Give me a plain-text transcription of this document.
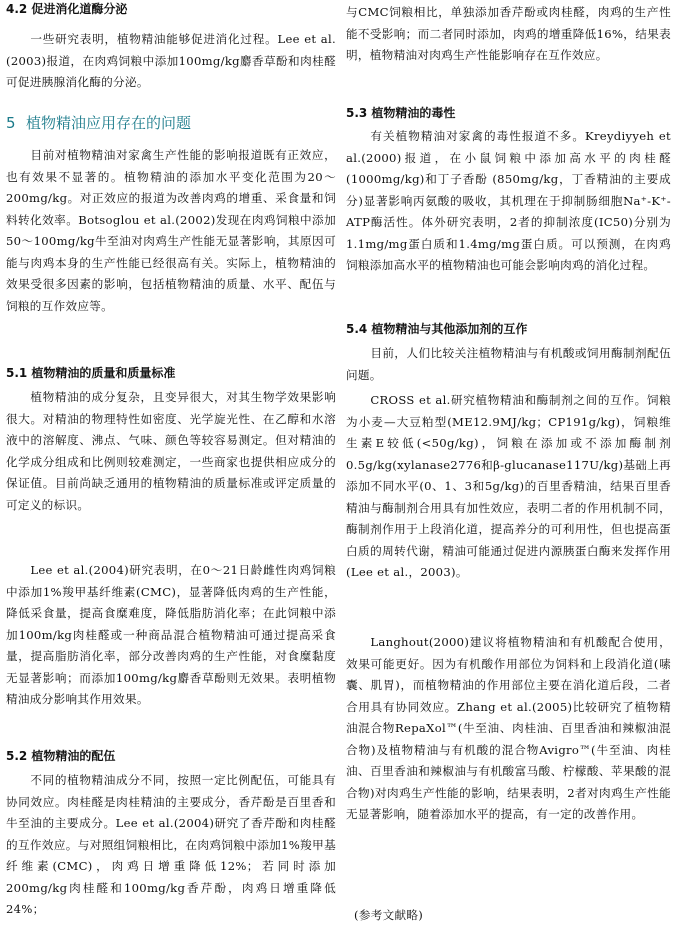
4.2 促进消化道酶分泌

一些研究表明，植物精油能够促进消化过程。Lee et al.(2003)报道，在肉鸡饲粮中添加100mg/kg麝香草酚和肉桂醛可促进胰腺消化酶的分泌。

5 植物精油应用存在的问题

目前对植物精油对家禽生产性能的影响报道既有正效应，也有效果不显著的。植物精油的添加水平变化范围为20～200mg/kg。对正效应的报道为改善肉鸡的增重、采食量和饲料转化效率。Botsoglou et al.(2002)发现在肉鸡饲粮中添加50～100mg/kg牛至油对肉鸡生产性能无显著影响，其原因可能与肉鸡本身的生产性能已经很高有关。实际上，植物精油的效果受很多因素的影响，包括植物精油的质量、水平、配伍与饲粮的互作效应等。

5.1 植物精油的质量和质量标准

植物精油的成分复杂，且变异很大，对其生物学效果影响很大。对精油的物理特性如密度、光学旋光性、在乙醇和水溶液中的溶解度、沸点、气味、颜色等较容易测定。但对精油的化学成分组成和比例则较难测定，一些商家也提供相应成分的保证值。目前尚缺乏通用的植物精油的质量标准或评定质量的可定义的标识。

Lee et al.(2004)研究表明，在0～21日龄雌性肉鸡饲粮中添加1%羧甲基纤维素(CMC)，显著降低肉鸡的生产性能，降低采食量，提高食糜难度，降低脂肪消化率；在此饲粮中添加100m/kg肉桂醛或一种商品混合植物精油可通过提高采食量，提高脂肪消化率，部分改善肉鸡的生产性能，对食糜黏度无显著影响；而添加100mg/kg麝香草酚则无效果。表明植物精油成分影响其作用效果。

5.2 植物精油的配伍

不同的植物精油成分不同，按照一定比例配伍，可能具有协同效应。肉桂醛是肉桂精油的主要成分，香芹酚是百里香和牛至油的主要成分。Lee et al.(2004)研究了香芹酚和肉桂醛的互作效应。与对照组饲粮相比，在肉鸡饲粮中添加1%羧甲基纤维素(CMC)，肉鸡日增重降低12%；若同时添加200mg/kg肉桂醛和100mg/kg香芹酚，肉鸡日增重降低24%；

与CMC饲粮相比，单独添加香芹酚或肉桂醛，肉鸡的生产性能不受影响；而二者同时添加，肉鸡的增重降低16%，结果表明，植物精油对肉鸡生产性能影响存在互作效应。

5.3 植物精油的毒性

有关植物精油对家禽的毒性报道不多。Kreydiyyeh et al.(2000)报道，在小鼠饲粮中添加高水平的肉桂醛(1000mg/kg)和丁子香酚 (850mg/kg，丁香精油的主要成分)显著影响丙氨酸的吸收，其机理在于抑制肠细胞Na⁺-K⁺-ATP酶活性。体外研究表明，2者的抑制浓度(IC50)分别为1.1mg/mg蛋白质和1.4mg/mg蛋白质。可以预测，在肉鸡饲粮添加高水平的植物精油也可能会影响肉鸡的消化过程。

5.4 植物精油与其他添加剂的互作

目前，人们比较关注植物精油与有机酸或饲用酶制剂配伍问题。

CROSS et al.研究植物精油和酶制剂之间的互作。饲粮为小麦—大豆粕型(ME12.9MJ/kg；CP191g/kg)，饲粮维生素E较低(<50g/kg)，饲粮在添加或不添加酶制剂0.5g/kg(xylanase2776和β-glucanase117U/kg)基础上再添加不同水平(0、1、3和5g/kg)的百里香精油，结果百里香精油与酶制剂合用具有加性效应，表明二者的作用机制不同，酶制剂作用于上段消化道，提高养分的可利用性，但也提高蛋白质的周转代谢，精油可能通过促进内源胰蛋白酶来发挥作用 (Lee et al.，2003)。

Langhout(2000)建议将植物精油和有机酸配合使用，效果可能更好。因为有机酸作用部位为饲料和上段消化道(嗉囊、肌胃)，而植物精油的作用部位主要在消化道后段，二者合用具有协同效应。Zhang et al.(2005)比较研究了植物精油混合物RepaXol™(牛至油、肉桂油、百里香油和辣椒油混合物)及植物精油与有机酸的混合物Avigro™(牛至油、肉桂油、百里香油和辣椒油与有机酸富马酸、柠檬酸、苹果酸的混合物)对肉鸡生产性能的影响，结果表明，2者对肉鸡生产性能无显著影响，随着添加水平的提高，有一定的改善作用。

(参考文献略)
